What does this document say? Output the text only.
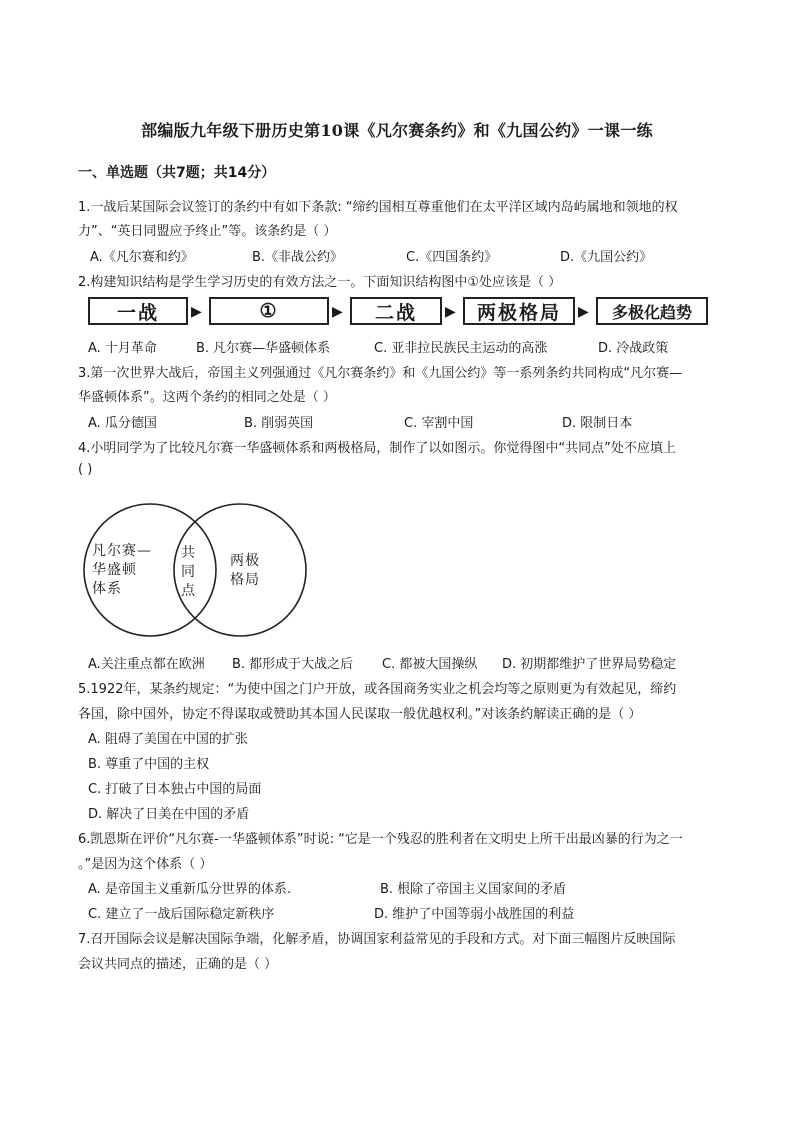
部编版九年级下册历史第10课《凡尔赛条约》和《九国公约》一课一练
一、单选题（共7题；共14分）
1.一战后某国际会议签订的条约中有如下条款: “缔约国相互尊重他们在太平洋区域内岛屿属地和领地的权
力”、“英日同盟应予终止”等。该条约是（ ）
A.《凡尔赛和约》	B.《非战公约》	C.《四国条约》	D.《九国公约》
2.构建知识结构是学生学习历史的有效方法之一。下面知识结构图中①处应该是（ ）
一战	▶	①	▶	二战	▶	两极格局	▶	多极化趋势
A. 十月革命	B. 凡尔赛—华盛顿体系	C. 亚非拉民族民主运动的高涨	D. 冷战政策
3.第一次世界大战后，帝国主义列强通过《凡尔赛条约》和《九国公约》等一系列条约共同构成“凡尔赛—
华盛顿体系”。这两个条约的相同之处是（ ）
A. 瓜分德国	B. 削弱英国	C. 宰割中国	D. 限制日本
4.小明同学为了比较凡尔赛一华盛顿体系和两极格局，制作了以如图示。你觉得图中“共同点”处不应填上
( )
凡尔赛—
华盛顿
体系
共
同
点
两极
格局
A.关注重点都在欧洲 B. 都形成于大战之后 C. 都被大国操纵 D. 初期都维护了世界局势稳定
5.1922年，某条约规定：“为使中国之门户开放，或各国商务实业之机会均等之原则更为有效起见，缔约
各国，除中国外，协定不得谋取或赞助其本国人民谋取一般优越权利。”对该条约解读正确的是（ ）
A. 阻碍了美国在中国的扩张
B. 尊重了中国的主权
C. 打破了日本独占中国的局面
D. 解决了日美在中国的矛盾
6.凯恩斯在评价“凡尔赛-一华盛顿体系”时说: “它是一个残忍的胜利者在文明史上所干出最凶暴的行为之一
。”是因为这个体系（ ）
A. 是帝国主义重新瓜分世界的体系.	B. 根除了帝国主义国家间的矛盾
C. 建立了一战后国际稳定新秩序	D. 维护了中国等弱小战胜国的利益
7.召开国际会议是解决国际争端，化解矛盾，协调国家利益常见的手段和方式。对下面三幅图片反映国际
会议共同点的描述，正确的是（ ）
